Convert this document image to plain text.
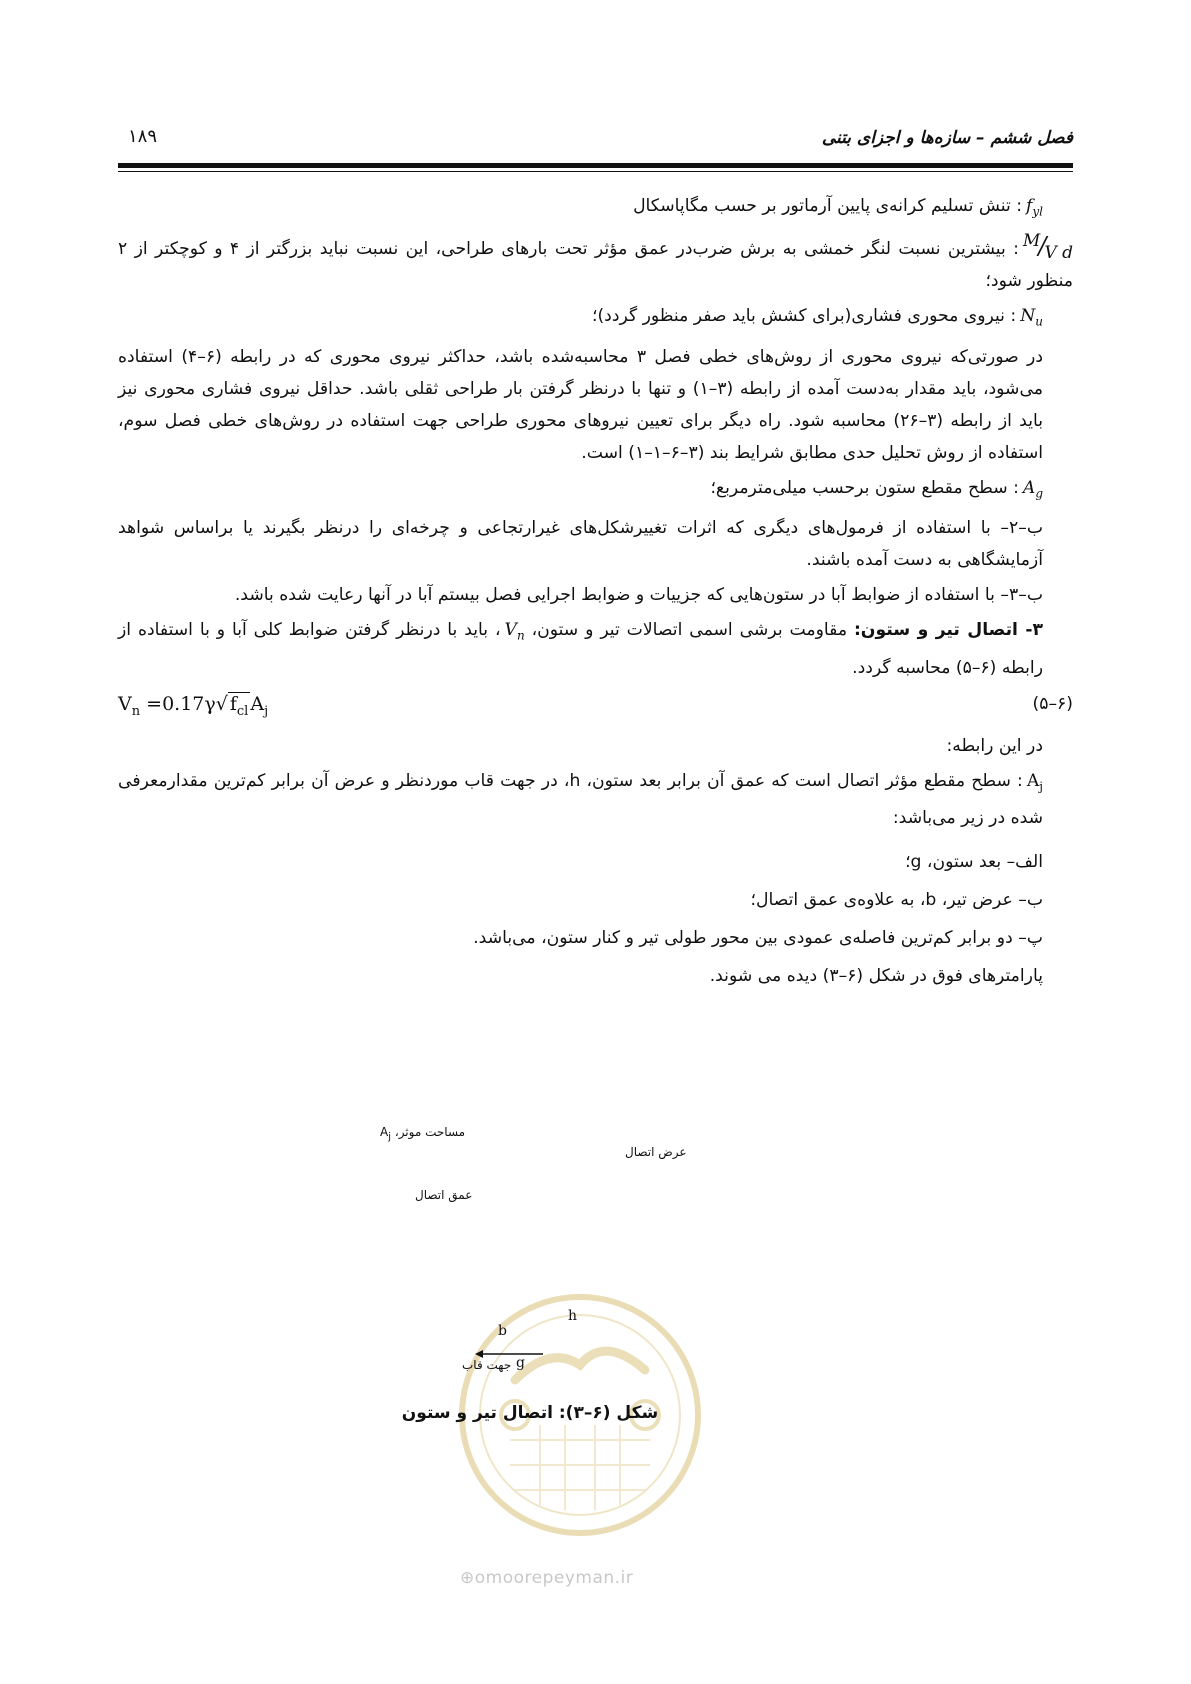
فصل ششم – سازه‌ها و اجزای بتنی
۱۸۹

$f_{yl}$: تنش تسلیم کرانه‌ی پایین آرماتور بر حسب مگاپاسکال

M/V d: بیشترین نسبت لنگر خمشی به برش ضرب‌در عمق مؤثر تحت بارهای طراحی، این نسبت نباید بزرگتر از ۴ و کوچکتر از ۲ منظور شود؛

$N_u$: نیروی محوری فشاری(برای کشش باید صفر منظور گردد)؛

در صورتی‌که نیروی محوری از روش‌های خطی فصل ۳ محاسبه‌شده باشد، حداکثر نیروی محوری که در رابطه (۶–۴) استفاده می‌شود، باید مقدار به‌دست آمده از رابطه (۳–۱) و تنها با درنظر گرفتن بار طراحی ثقلی باشد. حداقل نیروی فشاری محوری نیز باید از رابطه (۳–۲۶) محاسبه شود. راه دیگر برای تعیین نیروهای محوری طراحی جهت استفاده در روش‌های خطی فصل سوم، استفاده از روش تحلیل حدی مطابق شرایط بند (۳–۶–۱–۱) است.

$A_g$: سطح مقطع ستون برحسب میلی‌مترمربع؛

ب–۲– با استفاده از فرمول‌های دیگری که اثرات تغییرشکل‌های غیرارتجاعی و چرخه‌ای را درنظر بگیرند یا براساس شواهد آزمایشگاهی به دست آمده باشند.

ب–۳– با استفاده از ضوابط آبا در ستون‌هایی که جزییات و ضوابط اجرایی فصل بیستم آبا در آنها رعایت شده باشد.

۳- اتصال تیر و ستون: مقاومت برشی اسمی اتصالات تیر و ستون، $V_n،$ باید با درنظر گرفتن ضوابط کلی آبا و با استفاده از رابطه (۶–۵) محاسبه گردد.

(۶–۵)
$V_n =0.17\gamma√$ $f_{cl}$ $A_j$

در این رابطه:

$A_j$: سطح مقطع مؤثر اتصال است که عمق آن برابر بعد ستون، h، در جهت قاب موردنظر و عرض آن برابر کم‌ترین مقدارمعرفی شده در زیر می‌باشد:

الف– بعد ستون، g؛
ب– عرض تیر، b، به علاوه‌ی عمق اتصال؛
پ– دو برابر کم‌ترین فاصله‌ی عمودی بین محور طولی تیر و کنار ستون، می‌باشد.
پارامترهای فوق در شکل (۶–۳) دیده می شوند.
⊕omoorepeyman.ir
مساحت موثر، $A_j$
عرض اتصال
عمق اتصال
h
b
g
جهت قاب
شکل (۶–۳): اتصال تیر و ستون
